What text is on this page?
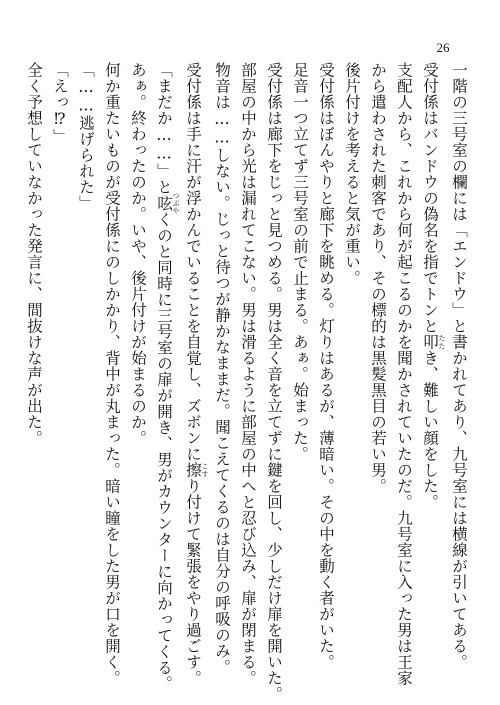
26
一階の三号室の欄には「エンドウ」と書かれてあり、九号室には横線が引いてある。
受付係はバンドウの偽名を指でトンと叩 たたき、難しい顔をした。
支配人から、これから何が起こるのかを聞かされていたのだ。九号室に入った男は王家
から遣わされた刺客であり、その標的は黒髪黒目の若い男。
後片付けを考えると気が重い。
受付係はぼんやりと廊下を眺める。灯りはあるが、薄暗い。その中を動く者がいた。
足音一つ立てず三号室の前で止まる。あぁ。始まった。
受付係は廊下をじっと見つめる。男は全く音を立てずに鍵を回し、少しだけ扉を開いた。
部屋の中から光は漏れてこない。男は滑るように部屋の中へと忍び込み、扉が閉まる。
物音は……しない。じっと待つが静かなままだ。聞こえてくるのは自分の呼吸のみ。
受付係は手に汗が浮かんでいることを自覚し、ズボンに擦 こすり付けて緊張をやり過ごす。
「まだか……」と呟 つぶやくのと同時に三号室の扉が開き、男がカウンターに向かってくる。
あぁ。終わったのか。いや、後片付けが始まるのか。
何か重たいものが受付係にのしかかり、背中が丸まった。暗い瞳をした男が口を開く。
「……逃げられた」
「えっ⁉」
全く予想していなかった発言に、間抜けな声が出た。
